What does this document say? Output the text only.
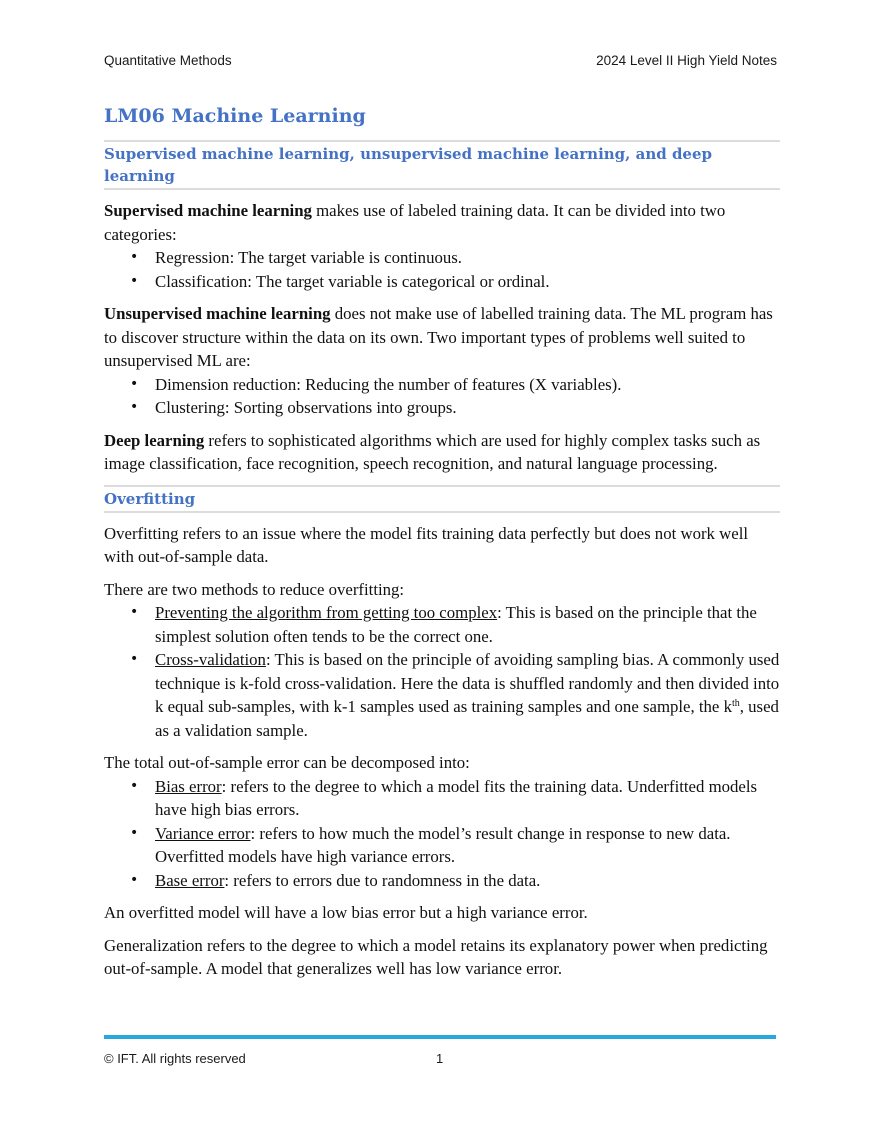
Quantitative Methods	2024 Level II High Yield Notes
LM06 Machine Learning
Supervised machine learning, unsupervised machine learning, and deep learning

Supervised machine learning makes use of labeled training data. It can be divided into two categories:

• Regression: The target variable is continuous.
• Classification: The target variable is categorical or ordinal.

Unsupervised machine learning does not make use of labelled training data. The ML program has to discover structure within the data on its own. Two important types of problems well suited to unsupervised ML are:

• Dimension reduction: Reducing the number of features (X variables).
• Clustering: Sorting observations into groups.

Deep learning refers to sophisticated algorithms which are used for highly complex tasks such as image classification, face recognition, speech recognition, and natural language processing.

Overfitting

Overfitting refers to an issue where the model fits training data perfectly but does not work well with out-of-sample data.

There are two methods to reduce overfitting:

• Preventing the algorithm from getting too complex: This is based on the principle that the simplest solution often tends to be the correct one.
• Cross-validation: This is based on the principle of avoiding sampling bias. A commonly used technique is k-fold cross-validation. Here the data is shuffled randomly and then divided into k equal sub-samples, with k-1 samples used as training samples and one sample, the $k^{th}$, used as a validation sample.

The total out-of-sample error can be decomposed into:

• Bias error: refers to the degree to which a model fits the training data. Underfitted models have high bias errors.
• Variance error: refers to how much the model’s result change in response to new data. Overfitted models have high variance errors.
• Base error: refers to errors due to randomness in the data.

An overfitted model will have a low bias error but a high variance error.

Generalization refers to the degree to which a model retains its explanatory power when predicting out-of-sample. A model that generalizes well has low variance error.

© IFT. All rights reserved	1
